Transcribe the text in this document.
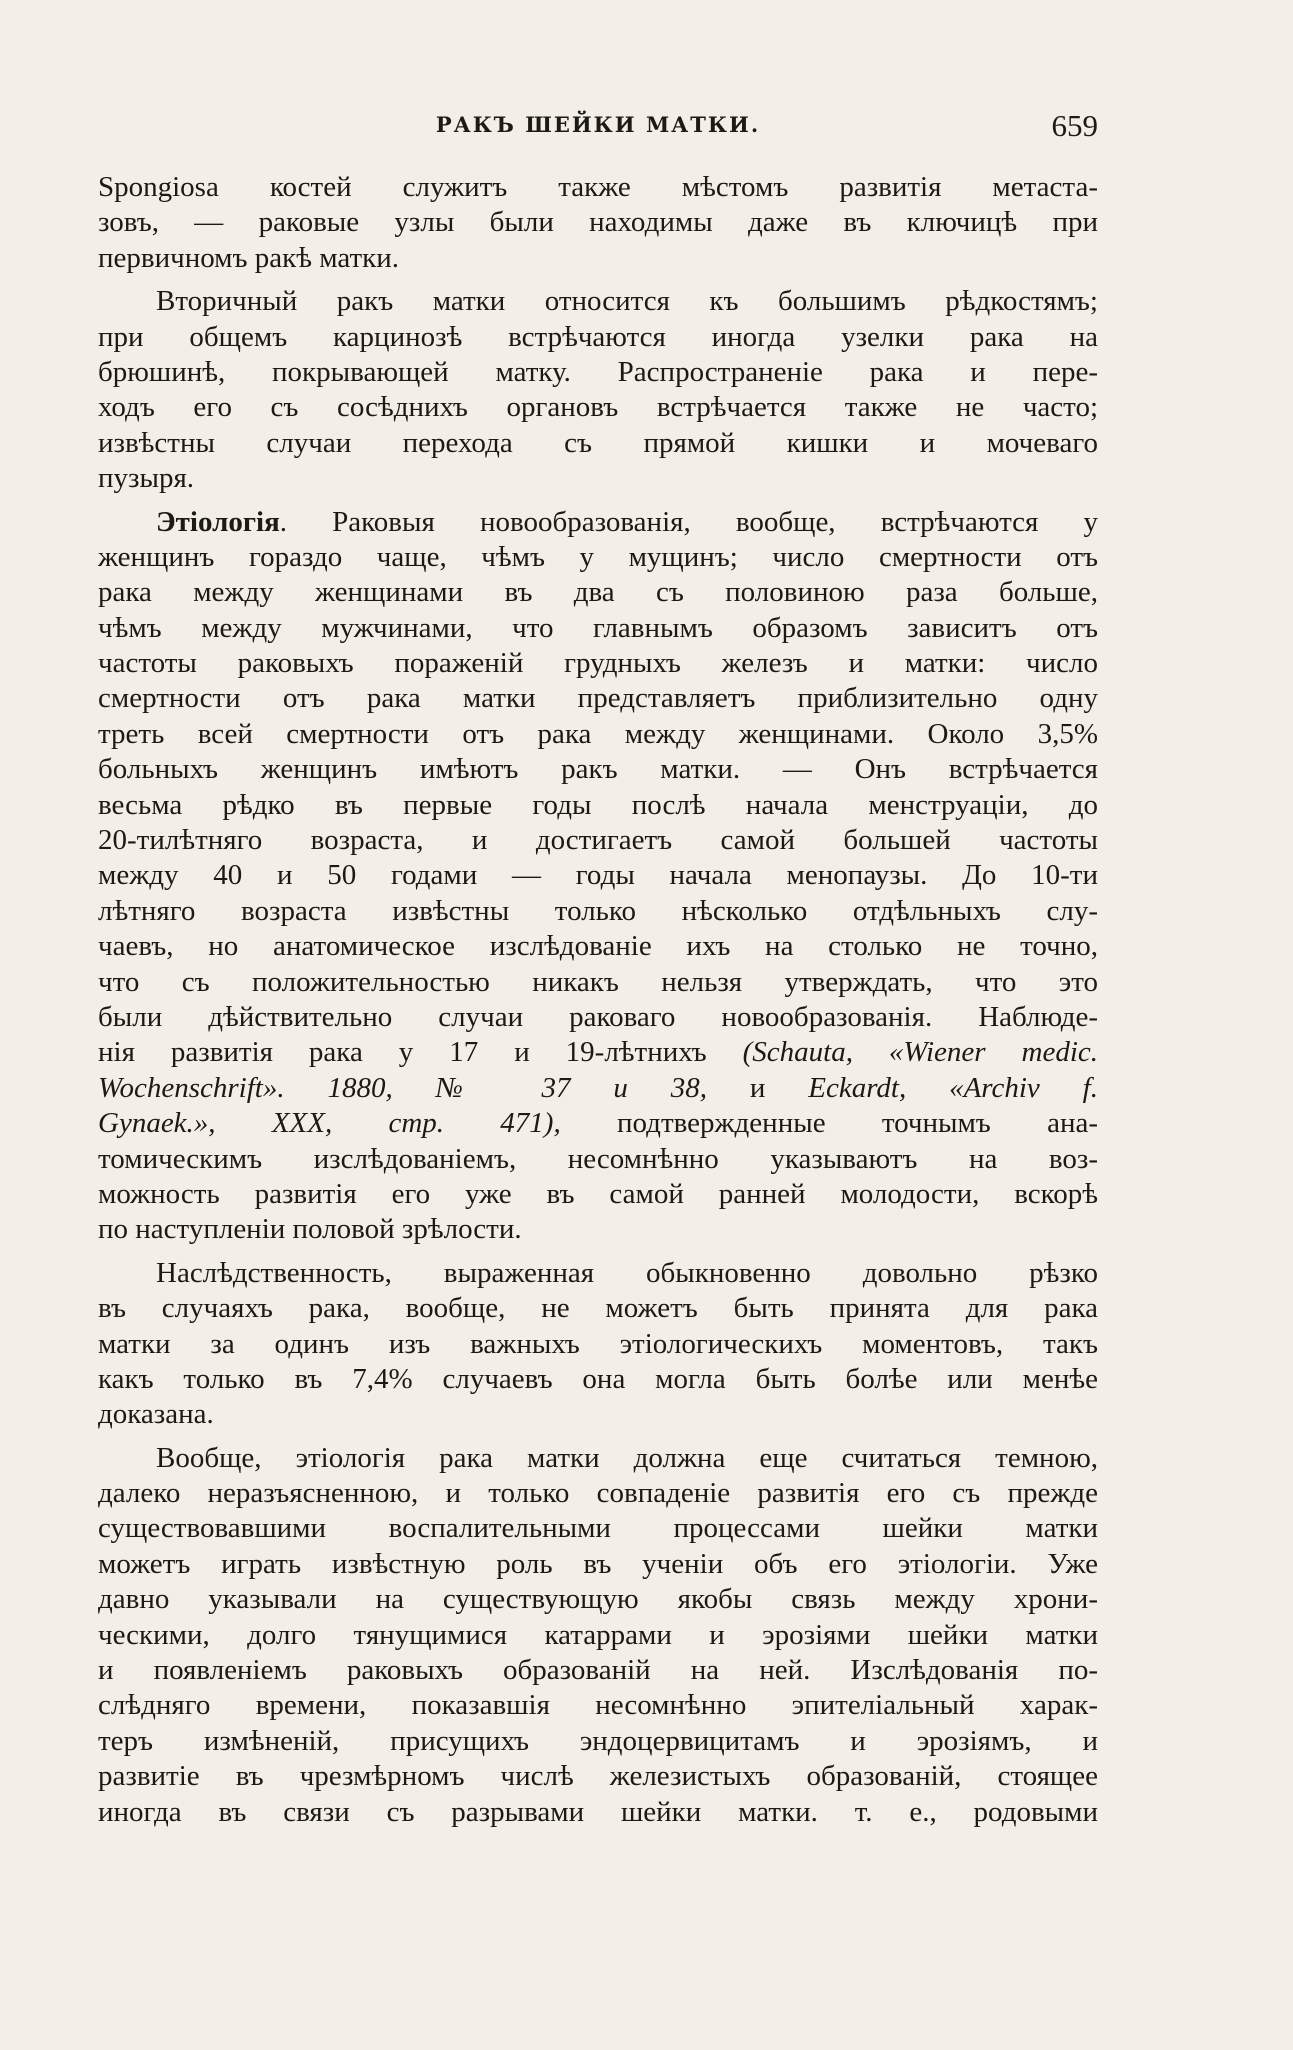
РАКЪ ШЕЙКИ МАТКИ.	659
Spongiosa костей служитъ также мѣстомъ развитія метаста-
зовъ, — раковые узлы были находимы даже въ ключицѣ при
первичномъ ракѣ матки.
Вторичный ракъ матки относится къ большимъ рѣдкостямъ;
при общемъ карцинозѣ встрѣчаются иногда узелки рака на
брюшинѣ, покрывающей матку. Распространеніе рака и пере-
ходъ его съ сосѣднихъ органовъ встрѣчается также не часто;
извѣстны случаи перехода съ прямой кишки и мочеваго
пузыря.
Этіологія. Раковыя новообразованія, вообще, встрѣчаются у
женщинъ гораздо чаще, чѣмъ у мущинъ; число смертности отъ
рака между женщинами въ два съ половиною раза больше,
чѣмъ между мужчинами, что главнымъ образомъ зависитъ отъ
частоты раковыхъ пораженій грудныхъ железъ и матки: число
смертности отъ рака матки представляетъ приблизительно одну
треть всей смертности отъ рака между женщинами. Около 3,5%
больныхъ женщинъ имѣютъ ракъ матки. — Онъ встрѣчается
весьма рѣдко въ первые годы послѣ начала менструаціи, до
20-тилѣтняго возраста, и достигаетъ самой большей частоты
между 40 и 50 годами — годы начала менопаузы. До 10-ти
лѣтняго возраста извѣстны только нѣсколько отдѣльныхъ слу-
чаевъ, но анатомическое изслѣдованіе ихъ на столько не точно,
что съ положительностью никакъ нельзя утверждать, что это
были дѣйствительно случаи раковаго новообразованія. Наблюде-
нія развитія рака у 17 и 19-лѣтнихъ (Schauta, «Wiener medic.
Wochenschrift». 1880, № 37 и 38, и Eckardt, «Archiv f.
Gynaek.», XXX, стр. 471), подтвержденные точнымъ ана-
томическимъ изслѣдованіемъ, несомнѣнно указываютъ на воз-
можность развитія его уже въ самой ранней молодости, вскорѣ
по наступленіи половой зрѣлости.
Наслѣдственность, выраженная обыкновенно довольно рѣзко
въ случаяхъ рака, вообще, не можетъ быть принята для рака
матки за одинъ изъ важныхъ этіологическихъ моментовъ, такъ
какъ только въ 7,4% случаевъ она могла быть болѣе или менѣе
доказана.
Вообще, этіологія рака матки должна еще считаться темною,
далеко неразъясненною, и только совпаденіе развитія его съ прежде
существовавшими воспалительными процессами шейки матки
можетъ играть извѣстную роль въ ученіи объ его этіологіи. Уже
давно указывали на существующую якобы связь между хрони-
ческими, долго тянущимися катаррами и эрозіями шейки матки
и появленіемъ раковыхъ образованій на ней. Изслѣдованія по-
слѣдняго времени, показавшія несомнѣнно эпителіальный харак-
теръ измѣненій, присущихъ эндоцервицитамъ и эрозіямъ, и
развитіе въ чрезмѣрномъ числѣ железистыхъ образованій, стоящее
иногда въ связи съ разрывами шейки матки. т. е., родовыми
